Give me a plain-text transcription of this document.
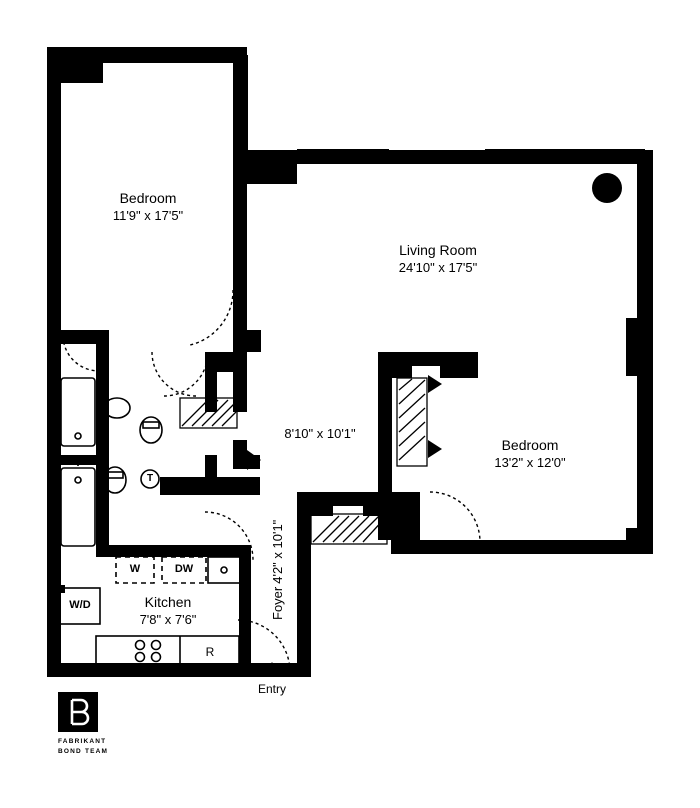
Bedroom
11'9" x 17'5"
Living Room
24'10" x 17'5"
Bedroom
13'2" x 12'0"
8'10" x 10'1"
Kitchen
7'8" x 7'6"	Foyer
4'2" x 10'1"
W	DW
W/D
R
T
Entry
FABRIKANT
BOND TEAM
